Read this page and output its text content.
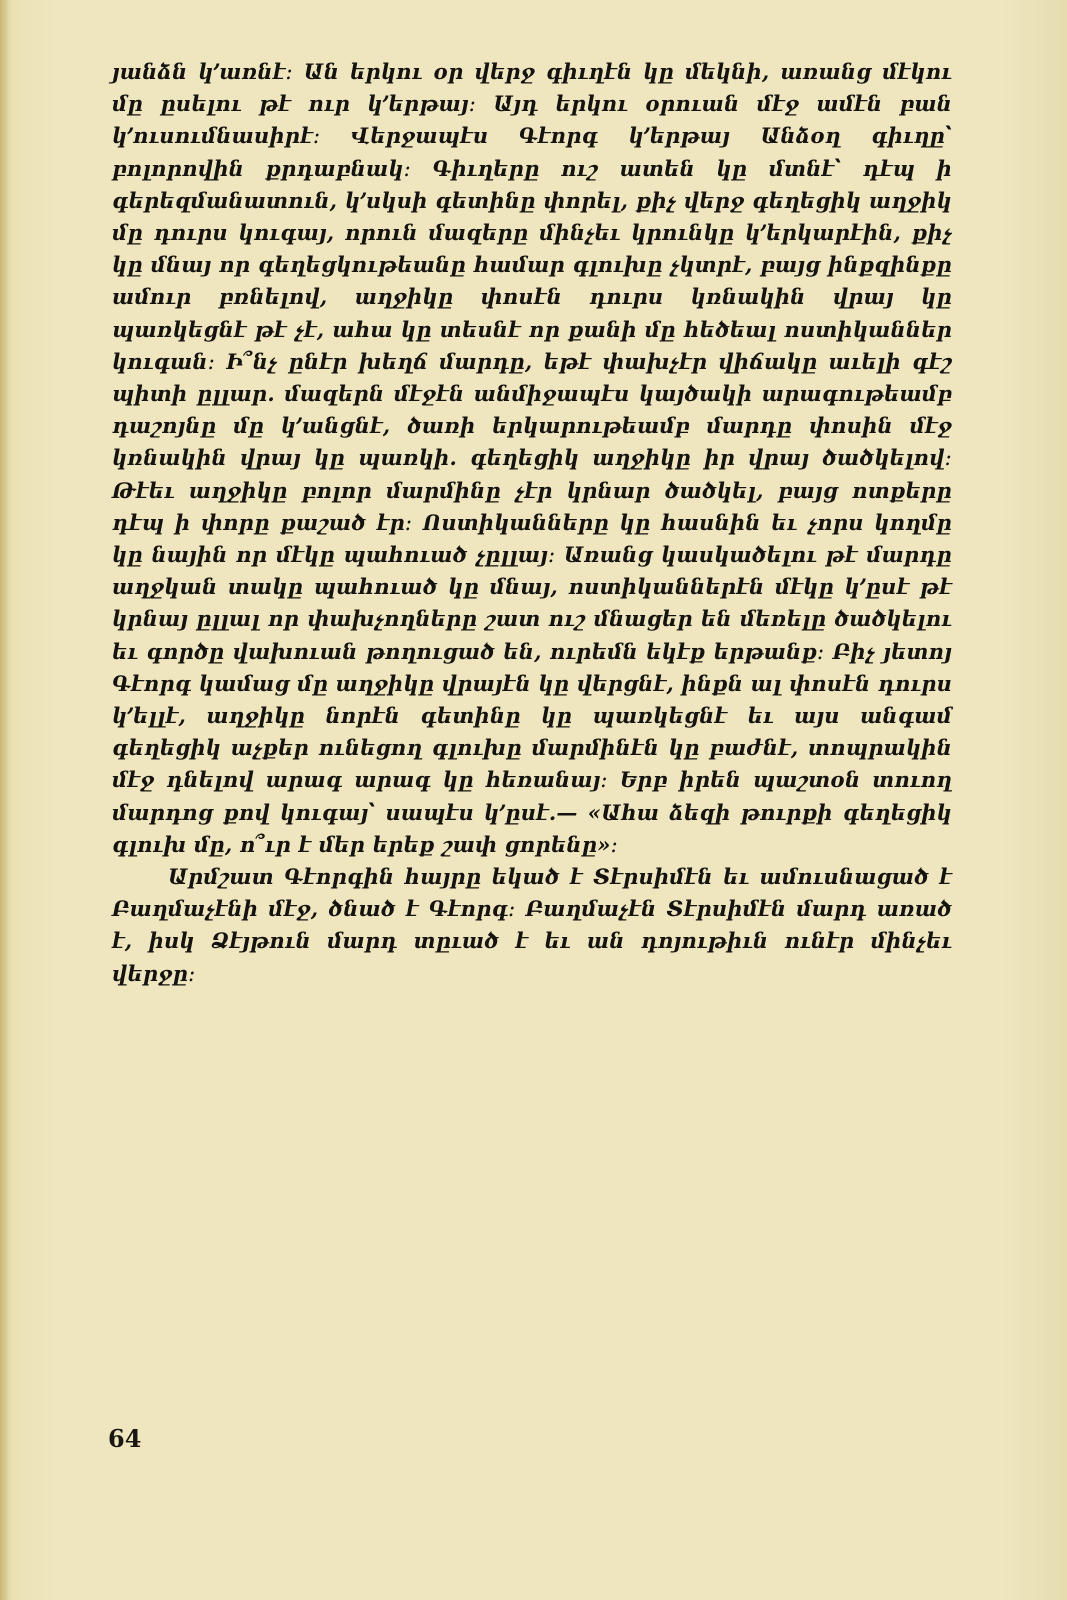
յանձն կ՚առնէ։ Ան երկու օր վերջ գիւղէն կը մեկնի, առանց մէկու մը ըսելու թէ ուր կ՚երթայ։ Այդ երկու օրուան մէջ ամէն բան կ՚ուսումնասիրէ։ Վերջապէս Գէորգ կ՚երթայ Անձօղ գիւղը՝ բոլորովին քրդաբնակ։ Գիւղերը ուշ ատեն կը մտնէ՝ դէպ ի գերեզմանատուն, կ՚սկսի գետինը փորել, քիչ վերջ գեղեցիկ աղջիկ մը դուրս կուգայ, որուն մազերը մինչեւ կրունկը կ՚երկարէին, քիչ կը մնայ որ գեղեցկութեանը համար գլուխը չկտրէ, բայց ինքզինքը ամուր բռնելով, աղջիկը փոսէն դուրս կռնակին վրայ կը պառկեցնէ թէ չէ, ահա կը տեսնէ որ քանի մը հեծեալ ոստիկաններ կուգան։ Ի՞նչ ընէր խեղճ մարդը, եթէ փախչէր վիճակը աւելի գէշ պիտի ըլլար. մազերն մէջէն անմիջապէս կայծակի արագութեամբ դաշոյնը մը կ՚անցնէ, ծառի երկարութեամբ մարդը փոսին մէջ կռնակին վրայ կը պառկի. գեղեցիկ աղջիկը իր վրայ ծածկելով։ Թէեւ աղջիկը բոլոր մարմինը չէր կրնար ծածկել, բայց ոտքերը դէպ ի փորը քաշած էր։ Ոստիկանները կը հասնին եւ չորս կողմը կը նային որ մէկը պահուած չըլլայ։ Առանց կասկածելու թէ մարդը աղջկան տակը պահուած կը մնայ, ոստիկաններէն մէկը կ՚ըսէ թէ կրնայ ըլլալ որ փախչողները շատ ուշ մնացեր են մեռելը ծածկելու եւ գործը վախուան թողուցած են, ուրեմն եկէք երթանք։ Բիչ յետոյ Գէորգ կամաց մը աղջիկը վրայէն կը վերցնէ, ինքն ալ փոսէն դուրս կ՚ելլէ, աղջիկը նորէն գետինը կը պառկեցնէ եւ այս անգամ գեղեցիկ աչքեր ունեցող գլուխը մարմինէն կը բաժնէ, տոպրակին մէջ դնելով արագ արագ կը հեռանայ։ Երբ իրեն պաշտօն տուող մարդոց քով կուգայ՝ սապէս կ՚ըսէ.— «Ահա ձեզի թուրքի գեղեցիկ գլուխ մը, ո՞ւր է մեր երեք շափ ցորենը»։

Արմշատ Գէորգին հայրը եկած է Տէրսիմէն եւ ամուսնացած է Բաղմաչէնի մէջ, ծնած է Գէորգ։ Բաղմաչէն Տէրսիմէն մարդ առած է, իսկ Ձէյթուն մարդ տըւած է եւ ան դոյութիւն ունէր մինչեւ վերջը։

64
